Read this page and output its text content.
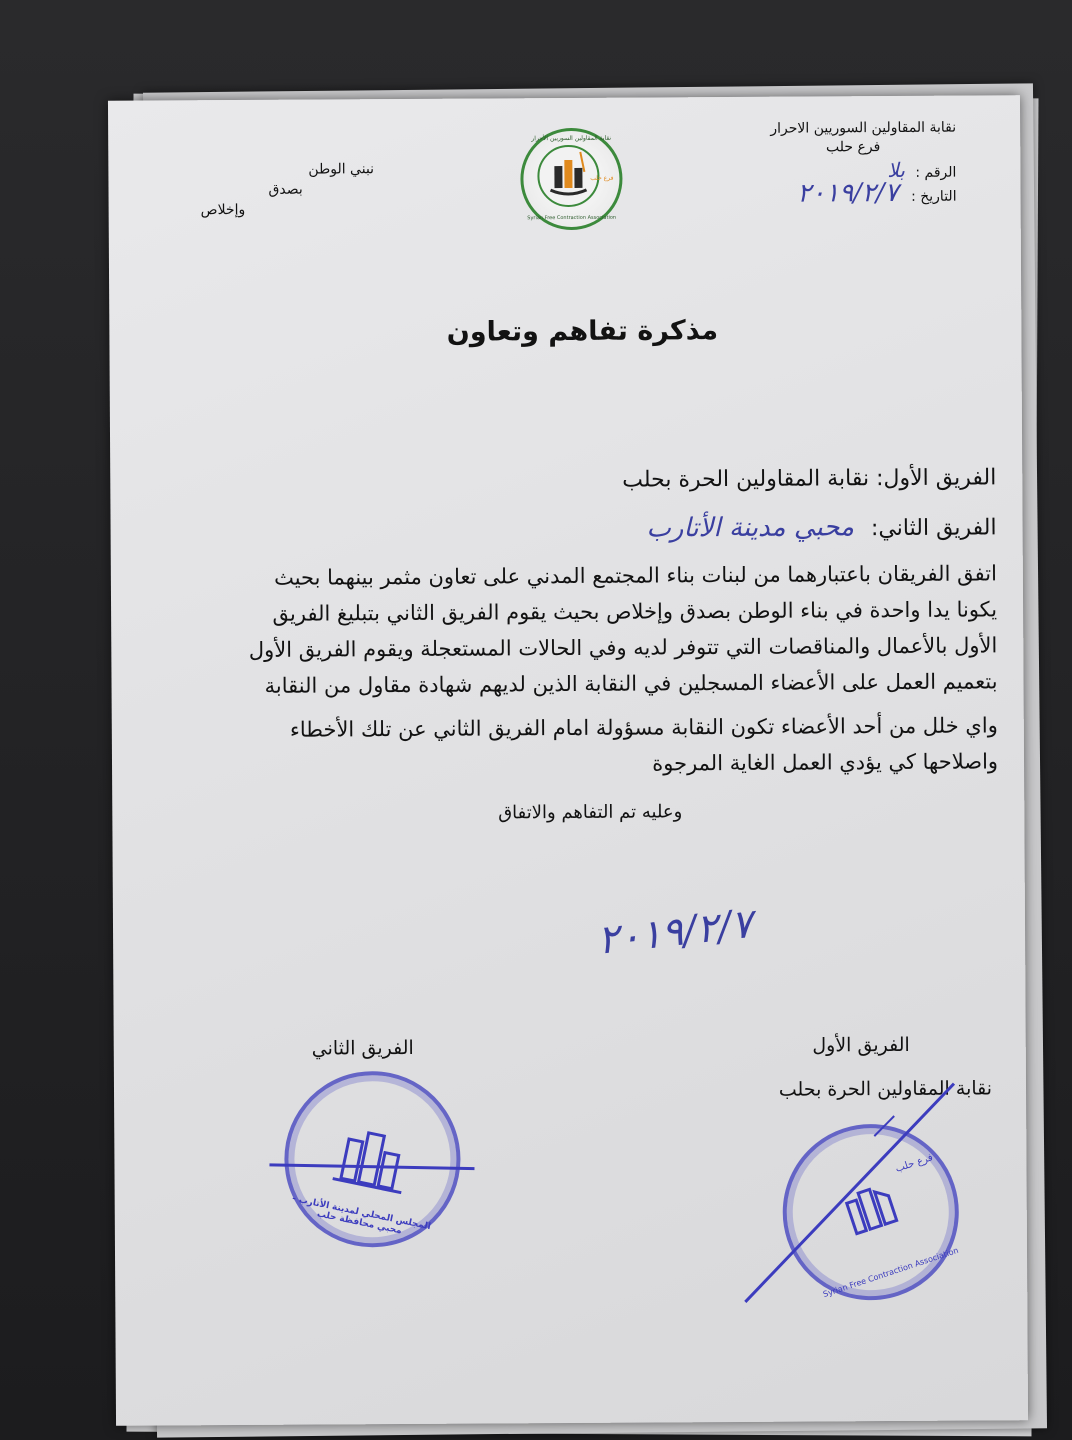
نقابة المقاولين السوريين الاحرار
فرع حلب
الرقم : بلا
التاريخ : ٢٠١٩/٢/٧
نبني الوطن
بصدق
وإخلاص
نقابة المقاولين السوريين الأحرار
Syrian Free Contraction Association
فرع حلب
مذكرة تفاهم وتعاون
الفريق الأول: نقابة المقاولين الحرة بحلب
الفريق الثاني: محبي مدينة الأتارب
اتفق الفريقان باعتبارهما من لبنات بناء المجتمع المدني على تعاون مثمر بينهما بحيث
يكونا يدا واحدة في بناء الوطن بصدق وإخلاص بحيث يقوم الفريق الثاني بتبليغ الفريق
الأول بالأعمال والمناقصات التي تتوفر لديه وفي الحالات المستعجلة ويقوم الفريق الأول
بتعميم العمل على الأعضاء المسجلين في النقابة الذين لديهم شهادة مقاول من النقابة
واي خلل من أحد الأعضاء تكون النقابة مسؤولة امام الفريق الثاني عن تلك الأخطاء
واصلاحها كي يؤدي العمل الغاية المرجوة
وعليه تم التفاهم والاتفاق
٢٠١٩/٢/٧
الفريق الأول
نقابة المقاولين الحرة بحلب
الفريق الثاني
المجلس المحلي لمدينة الأتارب - محبي محافظة حلب
Syrian Free Contraction Association
فرع حلب
